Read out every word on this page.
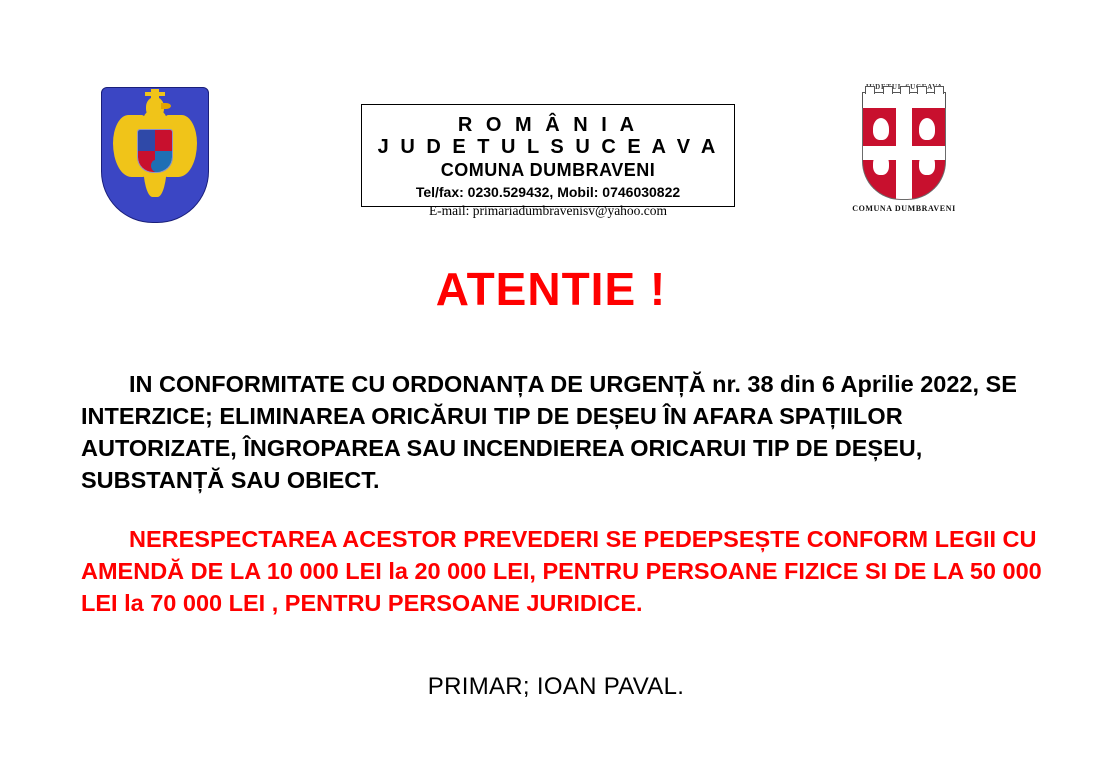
R O M Â N I A
J U D E T U L S U C E A V A
COMUNA DUMBRAVENI
Tel/fax: 0230.529432, Mobil: 0746030822
E-mail: primariadumbravenisv@yahoo.com	COMUNA DUMBRAVENI
ATENTIE !
IN CONFORMITATE CU ORDONANȚA DE URGENȚĂ nr. 38 din 6 Aprilie 2022, SE INTERZICE; ELIMINAREA ORICĂRUI TIP DE DEȘEU ÎN AFARA SPAȚIILOR AUTORIZATE, ÎNGROPAREA SAU INCENDIEREA ORICARUI TIP DE DEȘEU, SUBSTANȚĂ SAU OBIECT.
NERESPECTAREA ACESTOR PREVEDERI SE PEDEPSEȘTE CONFORM LEGII CU AMENDĂ DE LA 10 000 LEI la 20 000 LEI, PENTRU PERSOANE FIZICE SI DE LA 50 000 LEI la 70 000 LEI , PENTRU PERSOANE JURIDICE.
PRIMAR; IOAN PAVAL.
